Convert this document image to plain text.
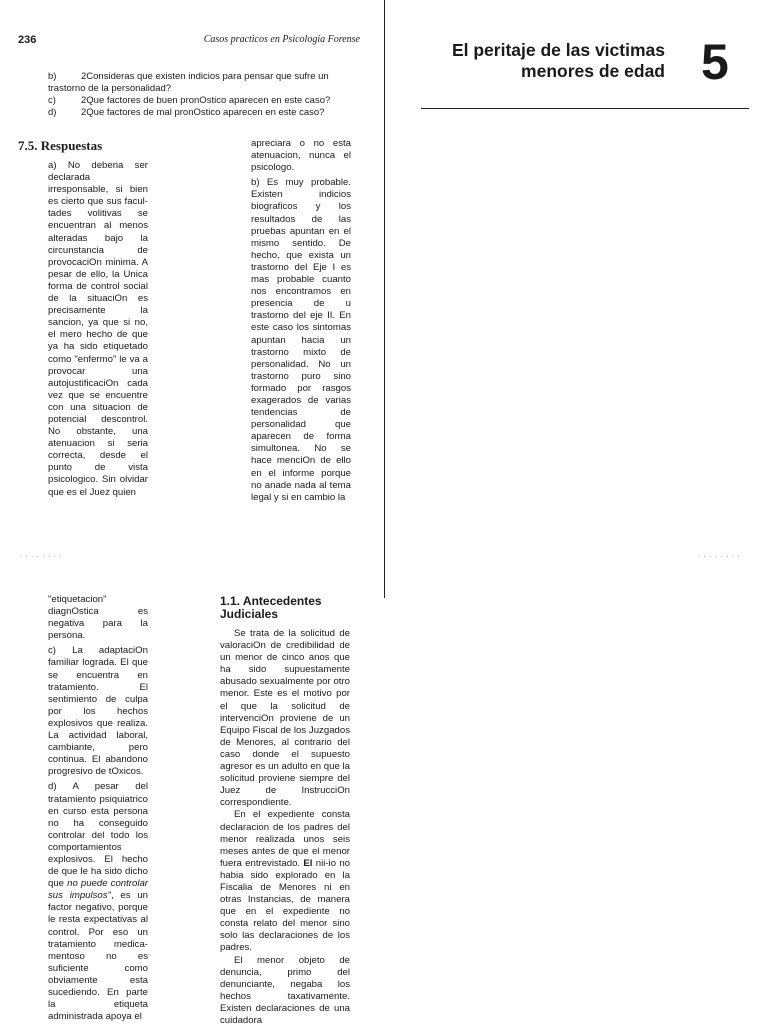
236	Casos practicos en Psicologia Forense
b)	2Consideras que existen indicios para pensar que sufre un
trastorno de la personalidad?
c)	2Que factores de buen pronOstico aparecen en este caso?
d)	2Que factores de mal pronOstico aparecen en este caso?
7.5. Respuestas

a) No deberia ser declarada irresponsable, si bien es cierto que sus facul-tades volitivas se encuentran al menos alteradas bajo la circunstancia de provocaciOn minima. A pesar de ello, la Unica forma de control social de la situaciOn es precisamente la sancion, ya que si no, el mero hecho de que ya ha sido etiquetado como "enfermo" le va a provocar una autojustificaciOn cada vez que se encuentre con una situacion de potencial descontrol. No obstante, una atenuacion si seria correcta, desde el punto de vista psicologico. Sin olvidar que es el Juez quien

apreciara o no esta atenuacion, nunca el psicologo.

b) Es muy probable. Existen indicios biograficos y los resultados de las pruebas apuntan en el mismo sentido. De hecho, que exista un trastorno del Eje I es mas probable cuanto nos encontramos en presencia de u trastorno del eje II. En este caso los sintomas apuntan hacia un trastorno mixto de personalidad. No un trastorno puro sino formado por rasgos exagerados de varias tendencias de personalidad que aparecen de forma simultonea. No se hace menciOn de ello en el informe porque no anade nada al tema legal y si en cambio la

· · · · · · · ·
El peritaje de las victimas
menores de edad 5
· · · · · · · ·

"etiquetacion" diagnOstica es negativa para la persona.

c) La adaptaciOn familiar lograda. El que se encuentra en tratamiento. El sentimiento de culpa por los hechos explosivos que realiza. La actividad laboral, cambiante, pero continua. El abandono progresivo de tOxicos.

d) A pesar del tratamiento psiquiatrico en curso esta persona no ha conseguido controlar del todo los comportamientos explosivos. El hecho de que le ha sido dicho que no puede controlar sus impulsos", es un factor negativo, porque le resta expectativas al control. Por eso un tratamiento medica-mentoso no es suficiente como obviamente esta sucediendo. En parte la etiqueta administrada apoya el

1.1. Antecedentes Judiciales

Se trata de la solicitud de valoraciOn de credibilidad de un menor de cinco anos que ha sido supuestamente abusado sexualmente por otro menor. Este es el motivo por el que la solicitud de intervenciOn proviene de un Equipo Fiscal de los Juzgados de Menores, al contrario del caso donde el supuesto agresor es un adulto en que la solicitud proviene siempre del Juez de InstrucciOn correspondiente.

En el expediente consta declaracion de los padres del menor realizada unos seis meses antes de que el menor fuera entrevistado. El nii-io no habia sido explorado en la Fiscalia de Menores ni en otras Instancias, de manera que en el expediente no consta relato del menor sino solo las declaraciones de los padres.

El menor objeto de denuncia, primo del denunciante, negaba los hechos taxativamente. Existen declaraciones de una cuidadora
